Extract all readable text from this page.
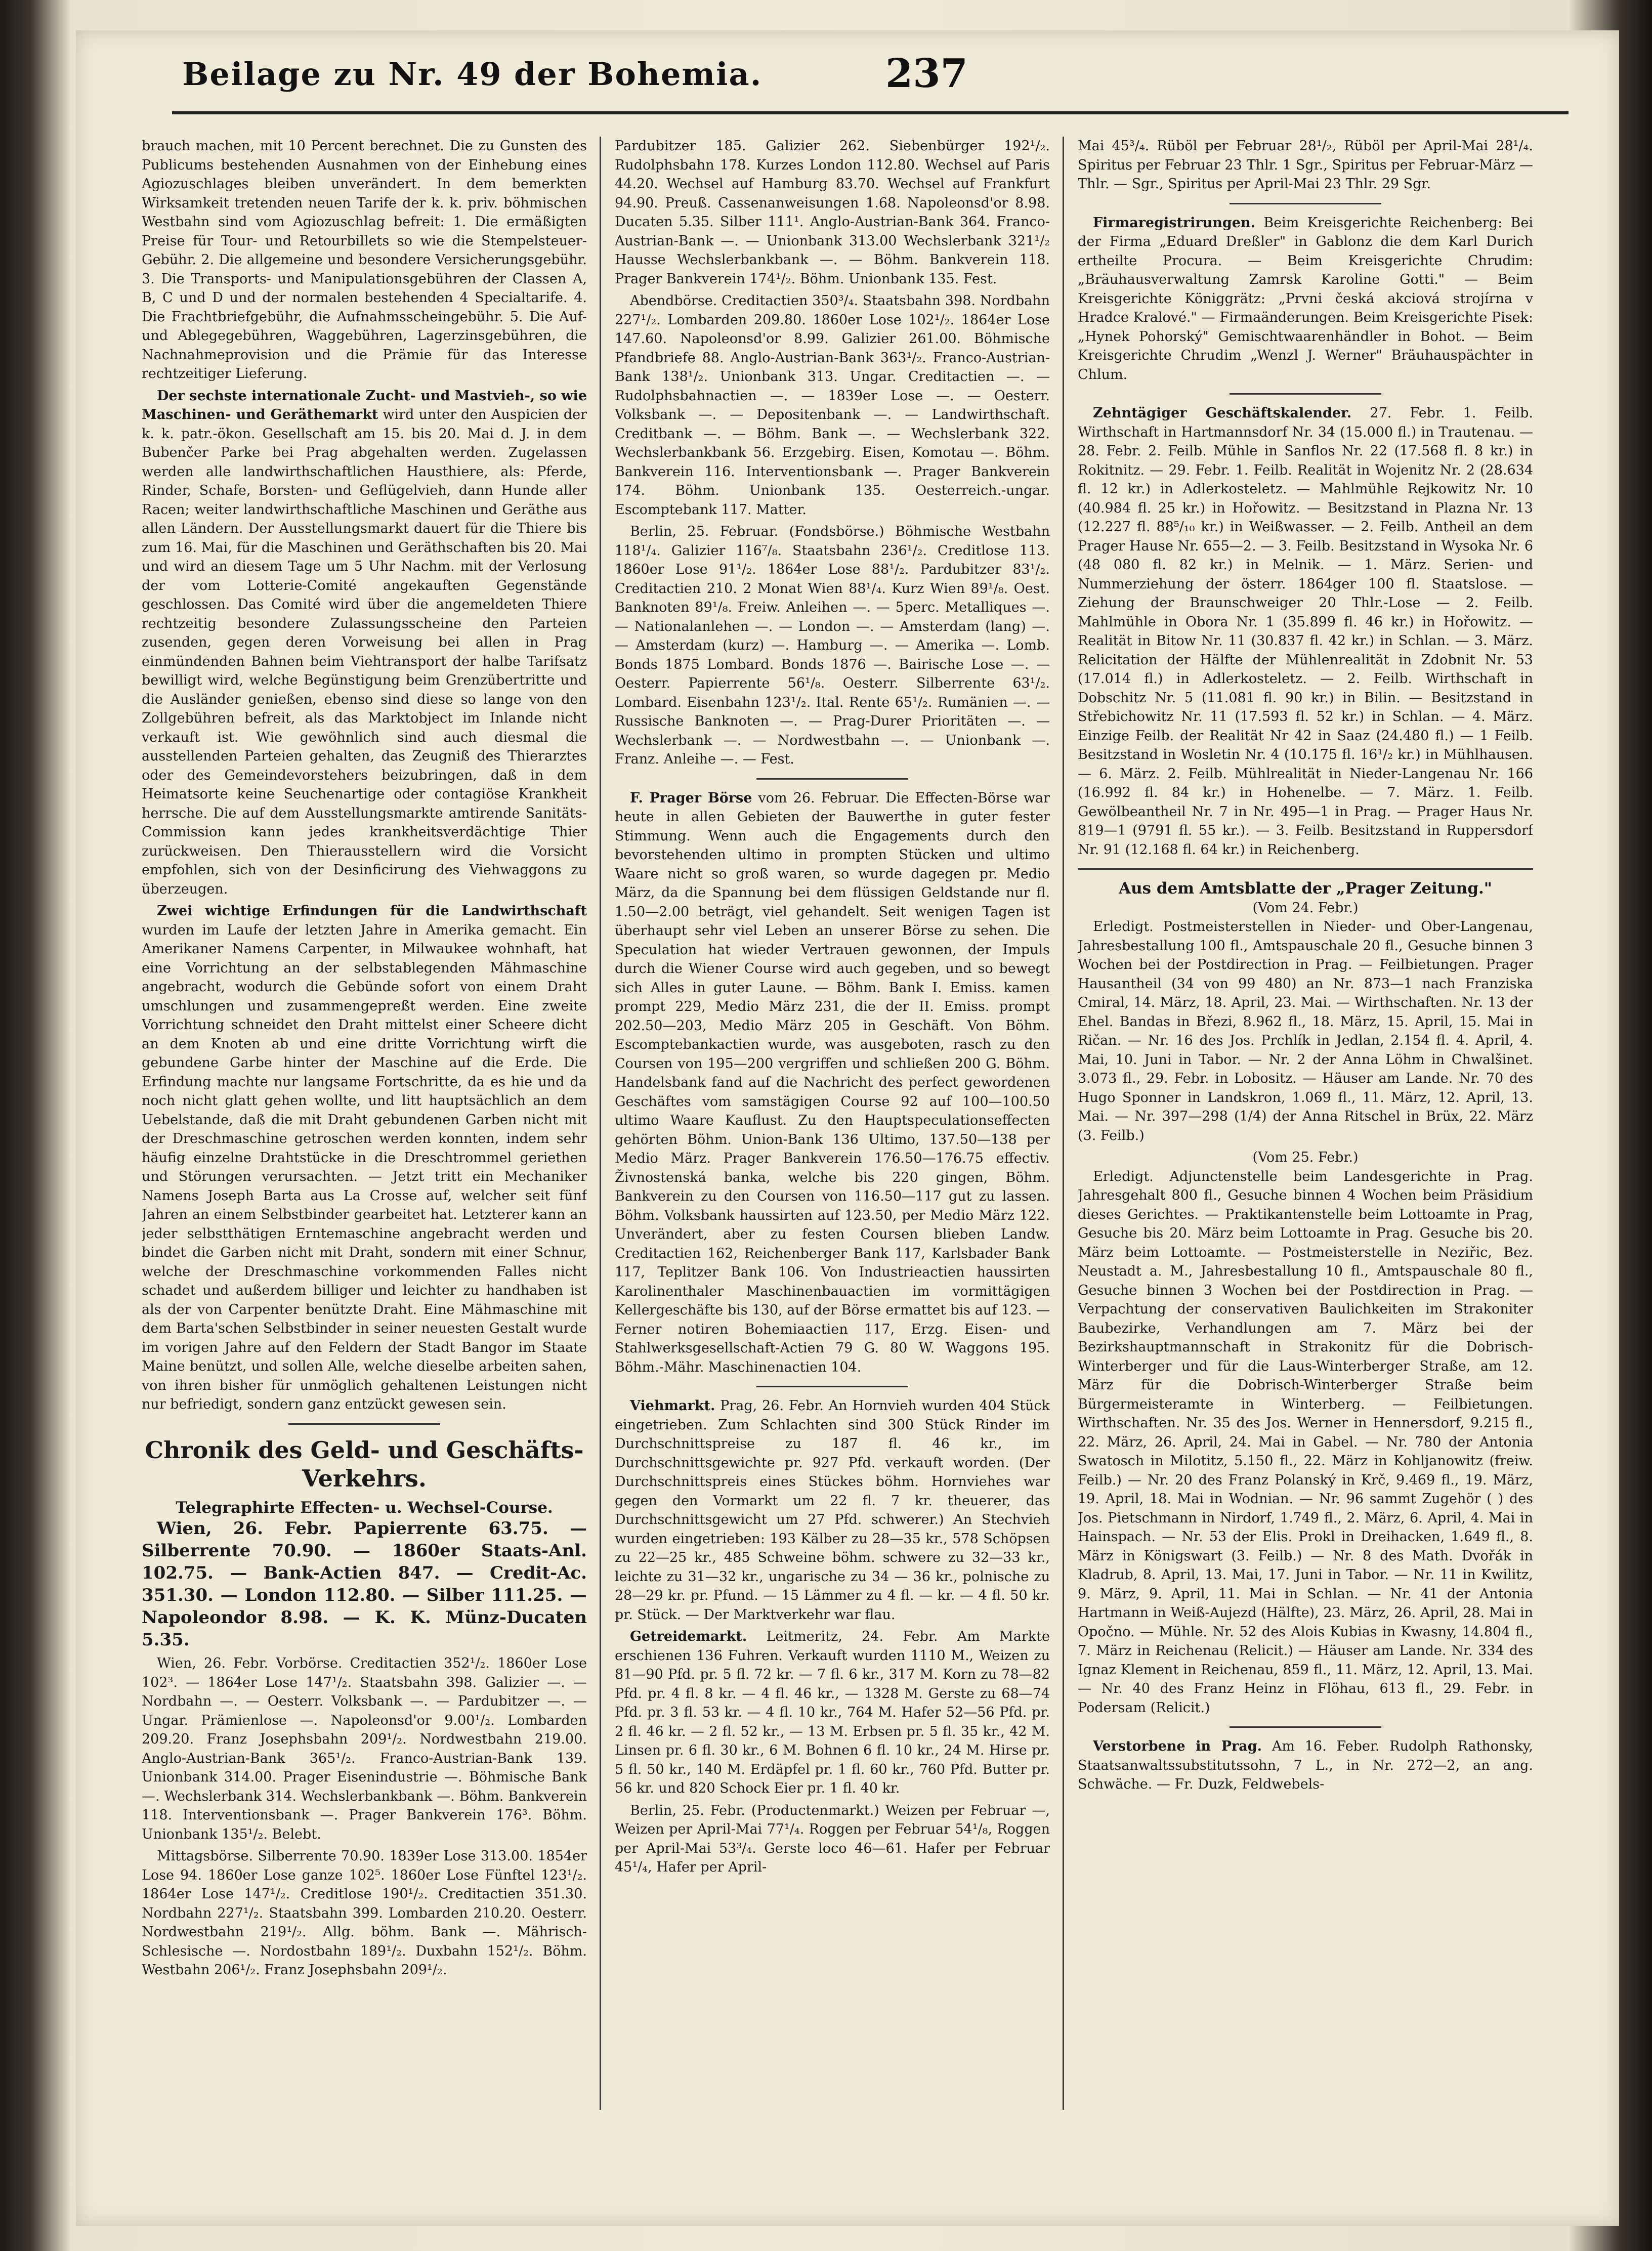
Beilage zu Nr. 49 der Bohemia.	237

brauch machen, mit 10 Percent berechnet. Die zu Gunsten des Publicums bestehenden Ausnahmen von der Einhebung eines Agiozuschlages bleiben unverändert. In dem bemerkten Wirksamkeit tretenden neuen Tarife der k. k. priv. böhmischen Westbahn sind vom Agiozuschlag befreit: 1. Die ermäßigten Preise für Tour- und Retourbillets so wie die Stempelsteuer-Gebühr. 2. Die allgemeine und besondere Versicherungsgebühr. 3. Die Transports- und Manipulationsgebühren der Classen A, B, C und D und der normalen bestehenden 4 Specialtarife. 4. Die Frachtbriefgebühr, die Aufnahmsscheingebühr. 5. Die Auf- und Ablegegebühren, Waggebühren, Lagerzinsgebühren, die Nachnahmeprovision und die Prämie für das Interesse rechtzeitiger Lieferung.

Der sechste internationale Zucht- und Mastvieh-, so wie Maschinen- und Geräthemarkt wird unter den Auspicien der k. k. patr.-ökon. Gesellschaft am 15. bis 20. Mai d. J. in dem Bubenčer Parke bei Prag abgehalten werden. Zugelassen werden alle landwirthschaftlichen Hausthiere, als: Pferde, Rinder, Schafe, Borsten- und Geflügelvieh, dann Hunde aller Racen; weiter landwirthschaftliche Maschinen und Geräthe aus allen Ländern. Der Ausstellungsmarkt dauert für die Thiere bis zum 16. Mai, für die Maschinen und Geräthschaften bis 20. Mai und wird an diesem Tage um 5 Uhr Nachm. mit der Verlosung der vom Lotterie-Comité angekauften Gegenstände geschlossen. Das Comité wird über die angemeldeten Thiere rechtzeitig besondere Zulassungsscheine den Parteien zusenden, gegen deren Vorweisung bei allen in Prag einmündenden Bahnen beim Viehtransport der halbe Tarifsatz bewilligt wird, welche Begünstigung beim Grenzübertritte und die Ausländer genießen, ebenso sind diese so lange von den Zollgebühren befreit, als das Marktobject im Inlande nicht verkauft ist. Wie gewöhnlich sind auch diesmal die ausstellenden Parteien gehalten, das Zeugniß des Thierarztes oder des Gemeindevorstehers beizubringen, daß in dem Heimatsorte keine Seuchenartige oder contagiöse Krankheit herrsche. Die auf dem Ausstellungsmarkte amtirende Sanitäts-Commission kann jedes krankheitsverdächtige Thier zurückweisen. Den Thierausstellern wird die Vorsicht empfohlen, sich von der Desinficirung des Viehwaggons zu überzeugen.

Zwei wichtige Erfindungen für die Landwirthschaft wurden im Laufe der letzten Jahre in Amerika gemacht. Ein Amerikaner Namens Carpenter, in Milwaukee wohnhaft, hat eine Vorrichtung an der selbstablegenden Mähmaschine angebracht, wodurch die Gebünde sofort von einem Draht umschlungen und zusammengepreßt werden. Eine zweite Vorrichtung schneidet den Draht mittelst einer Scheere dicht an dem Knoten ab und eine dritte Vorrichtung wirft die gebundene Garbe hinter der Maschine auf die Erde. Die Erfindung machte nur langsame Fortschritte, da es hie und da noch nicht glatt gehen wollte, und litt hauptsächlich an dem Uebelstande, daß die mit Draht gebundenen Garben nicht mit der Dreschmaschine getroschen werden konnten, indem sehr häufig einzelne Drahtstücke in die Dreschtrommel geriethen und Störungen verursachten. — Jetzt tritt ein Mechaniker Namens Joseph Barta aus La Crosse auf, welcher seit fünf Jahren an einem Selbstbinder gearbeitet hat. Letzterer kann an jeder selbstthätigen Erntemaschine angebracht werden und bindet die Garben nicht mit Draht, sondern mit einer Schnur, welche der Dreschmaschine vorkommenden Falles nicht schadet und außerdem billiger und leichter zu handhaben ist als der von Carpenter benützte Draht. Eine Mähmaschine mit dem Barta'schen Selbstbinder in seiner neuesten Gestalt wurde im vorigen Jahre auf den Feldern der Stadt Bangor im Staate Maine benützt, und sollen Alle, welche dieselbe arbeiten sahen, von ihren bisher für unmöglich gehaltenen Leistungen nicht nur befriedigt, sondern ganz entzückt gewesen sein.

Chronik des Geld- und Geschäfts-Verkehrs.
Telegraphirte Effecten- u. Wechsel-Course.

Wien, 26. Febr. Papierrente 63.75. — Silberrente 70.90. — 1860er Staats-Anl. 102.75. — Bank-Actien 847. — Credit-Ac. 351.30. — London 112.80. — Silber 111.25. — Napoleondor 8.98. — K. K. Münz-Ducaten 5.35.

Wien, 26. Febr. Vorbörse. Creditactien 352¹/₂. 1860er Lose 102³. — 1864er Lose 147¹/₂. Staatsbahn 398. Galizier —. — Nordbahn —. — Oesterr. Volksbank —. — Pardubitzer —. — Ungar. Prämienlose —. Napoleonsd'or 9.00¹/₂. Lombarden 209.20. Franz Josephsbahn 209¹/₂. Nordwestbahn 219.00. Anglo-Austrian-Bank 365¹/₂. Franco-Austrian-Bank 139. Unionbank 314.00. Prager Eisenindustrie —. Böhmische Bank —. Wechslerbank 314. Wechslerbankbank —. Böhm. Bankverein 118. Interventionsbank —. Prager Bankverein 176³. Böhm. Unionbank 135¹/₂. Belebt.

Mittagsbörse. Silberrente 70.90. 1839er Lose 313.00. 1854er Lose 94. 1860er Lose ganze 102⁵. 1860er Lose Fünftel 123¹/₂. 1864er Lose 147¹/₂. Creditlose 190¹/₂. Creditactien 351.30. Nordbahn 227¹/₂. Staatsbahn 399. Lombarden 210.20. Oesterr. Nordwestbahn 219¹/₂. Allg. böhm. Bank —. Mährisch-Schlesische —. Nordostbahn 189¹/₂. Duxbahn 152¹/₂. Böhm. Westbahn 206¹/₂. Franz Josephsbahn 209¹/₂.

Pardubitzer 185. Galizier 262. Siebenbürger 192¹/₂. Rudolphsbahn 178. Kurzes London 112.80. Wechsel auf Paris 44.20. Wechsel auf Hamburg 83.70. Wechsel auf Frankfurt 94.90. Preuß. Cassenanweisungen 1.68. Napoleonsd'or 8.98. Ducaten 5.35. Silber 111¹. Anglo-Austrian-Bank 364. Franco-Austrian-Bank —. — Unionbank 313.00 Wechslerbank 321¹/₂ Hausse Wechslerbankbank —. — Böhm. Bankverein 118. Prager Bankverein 174¹/₂. Böhm. Unionbank 135. Fest.

Abendbörse. Creditactien 350³/₄. Staatsbahn 398. Nordbahn 227¹/₂. Lombarden 209.80. 1860er Lose 102¹/₂. 1864er Lose 147.60. Napoleonsd'or 8.99. Galizier 261.00. Böhmische Pfandbriefe 88. Anglo-Austrian-Bank 363¹/₂. Franco-Austrian-Bank 138¹/₂. Unionbank 313. Ungar. Creditactien —. — Rudolphsbahnactien —. — 1839er Lose —. — Oesterr. Volksbank —. — Depositenbank —. — Landwirthschaft. Creditbank —. — Böhm. Bank —. — Wechslerbank 322. Wechslerbankbank 56. Erzgebirg. Eisen, Komotau —. Böhm. Bankverein 116. Interventionsbank —. Prager Bankverein 174. Böhm. Unionbank 135. Oesterreich.-ungar. Escomptebank 117. Matter.

Berlin, 25. Februar. (Fondsbörse.) Böhmische Westbahn 118¹/₄. Galizier 116⁷/₈. Staatsbahn 236¹/₂. Creditlose 113. 1860er Lose 91¹/₂. 1864er Lose 88¹/₂. Pardubitzer 83¹/₂. Creditactien 210. 2 Monat Wien 88¹/₄. Kurz Wien 89¹/₈. Oest. Banknoten 89¹/₈. Freiw. Anleihen —. — 5perc. Metalliques —. — Nationalanlehen —. — London —. — Amsterdam (lang) —. — Amsterdam (kurz) —. Hamburg —. — Amerika —. Lomb. Bonds 1875 Lombard. Bonds 1876 —. Bairische Lose —. — Oesterr. Papierrente 56¹/₈. Oesterr. Silberrente 63¹/₂. Lombard. Eisenbahn 123¹/₂. Ital. Rente 65¹/₂. Rumänien —. — Russische Banknoten —. — Prag-Durer Prioritäten —. — Wechslerbank —. — Nordwestbahn —. — Unionbank —. Franz. Anleihe —. — Fest.

F. Prager Börse vom 26. Februar. Die Effecten-Börse war heute in allen Gebieten der Bauwerthe in guter fester Stimmung. Wenn auch die Engagements durch den bevorstehenden ultimo in prompten Stücken und ultimo Waare nicht so groß waren, so wurde dagegen pr. Medio März, da die Spannung bei dem flüssigen Geldstande nur fl. 1.50—2.00 beträgt, viel gehandelt. Seit wenigen Tagen ist überhaupt sehr viel Leben an unserer Börse zu sehen. Die Speculation hat wieder Vertrauen gewonnen, der Impuls durch die Wiener Course wird auch gegeben, und so bewegt sich Alles in guter Laune. — Böhm. Bank I. Emiss. kamen prompt 229, Medio März 231, die der II. Emiss. prompt 202.50—203, Medio März 205 in Geschäft. Von Böhm. Escomptebankactien wurde, was ausgeboten, rasch zu den Coursen von 195—200 vergriffen und schließen 200 G. Böhm. Handelsbank fand auf die Nachricht des perfect gewordenen Geschäftes vom samstägigen Course 92 auf 100—100.50 ultimo Waare Kauflust. Zu den Hauptspeculationseffecten gehörten Böhm. Union-Bank 136 Ultimo, 137.50—138 per Medio März. Prager Bankverein 176.50—176.75 effectiv. Živnostenská banka, welche bis 220 gingen, Böhm. Bankverein zu den Coursen von 116.50—117 gut zu lassen. Böhm. Volksbank haussirten auf 123.50, per Medio März 122. Unverändert, aber zu festen Coursen blieben Landw. Creditactien 162, Reichenberger Bank 117, Karlsbader Bank 117, Teplitzer Bank 106. Von Industrieactien haussirten Karolinenthaler Maschinenbauactien im vormittägigen Kellergeschäfte bis 130, auf der Börse ermattet bis auf 123. — Ferner notiren Bohemiaactien 117, Erzg. Eisen- und Stahlwerksgesellschaft-Actien 79 G. 80 W. Waggons 195. Böhm.-Mähr. Maschinenactien 104.

Viehmarkt. Prag, 26. Febr. An Hornvieh wurden 404 Stück eingetrieben. Zum Schlachten sind 300 Stück Rinder im Durchschnittspreise zu 187 fl. 46 kr., im Durchschnittsgewichte pr. 927 Pfd. verkauft worden. (Der Durchschnittspreis eines Stückes böhm. Hornviehes war gegen den Vormarkt um 22 fl. 7 kr. theuerer, das Durchschnittsgewicht um 27 Pfd. schwerer.) An Stechvieh wurden eingetrieben: 193 Kälber zu 28—35 kr., 578 Schöpsen zu 22—25 kr., 485 Schweine böhm. schwere zu 32—33 kr., leichte zu 31—32 kr., ungarische zu 34 — 36 kr., polnische zu 28—29 kr. pr. Pfund. — 15 Lämmer zu 4 fl. — kr. — 4 fl. 50 kr. pr. Stück. — Der Marktverkehr war flau.

Getreidemarkt. Leitmeritz, 24. Febr. Am Markte erschienen 136 Fuhren. Verkauft wurden 1110 M., Weizen zu 81—90 Pfd. pr. 5 fl. 72 kr. — 7 fl. 6 kr., 317 M. Korn zu 78—82 Pfd. pr. 4 fl. 8 kr. — 4 fl. 46 kr., — 1328 M. Gerste zu 68—74 Pfd. pr. 3 fl. 53 kr. — 4 fl. 10 kr., 764 M. Hafer 52—56 Pfd. pr. 2 fl. 46 kr. — 2 fl. 52 kr., — 13 M. Erbsen pr. 5 fl. 35 kr., 42 M. Linsen pr. 6 fl. 30 kr., 6 M. Bohnen 6 fl. 10 kr., 24 M. Hirse pr. 5 fl. 50 kr., 140 M. Erdäpfel pr. 1 fl. 60 kr., 760 Pfd. Butter pr. 56 kr. und 820 Schock Eier pr. 1 fl. 40 kr.

Berlin, 25. Febr. (Productenmarkt.) Weizen per Februar —, Weizen per April-Mai 77¹/₄. Roggen per Februar 54¹/₈, Roggen per April-Mai 53³/₄. Gerste loco 46—61. Hafer per Februar 45¹/₄, Hafer per April-

Mai 45³/₄. Rüböl per Februar 28¹/₂, Rüböl per April-Mai 28¹/₄. Spiritus per Februar 23 Thlr. 1 Sgr., Spiritus per Februar-März — Thlr. — Sgr., Spiritus per April-Mai 23 Thlr. 29 Sgr.

Firmaregistrirungen. Beim Kreisgerichte Reichenberg: Bei der Firma „Eduard Dreßler" in Gablonz die dem Karl Durich ertheilte Procura. — Beim Kreisgerichte Chrudim: „Bräuhausverwaltung Zamrsk Karoline Gotti." — Beim Kreisgerichte Königgrätz: „Prvni česká akciová strojírna v Hradce Kralové." — Firmaänderungen. Beim Kreisgerichte Pisek: „Hynek Pohorský" Gemischtwaarenhändler in Bohot. — Beim Kreisgerichte Chrudim „Wenzl J. Werner" Bräuhauspächter in Chlum.

Zehntägiger Geschäftskalender. 27. Febr. 1. Feilb. Wirthschaft in Hartmannsdorf Nr. 34 (15.000 fl.) in Trautenau. — 28. Febr. 2. Feilb. Mühle in Sanflos Nr. 22 (17.568 fl. 8 kr.) in Rokitnitz. — 29. Febr. 1. Feilb. Realität in Wojenitz Nr. 2 (28.634 fl. 12 kr.) in Adlerkosteletz. — Mahlmühle Rejkowitz Nr. 10 (40.984 fl. 25 kr.) in Hořowitz. — Besitzstand in Plazna Nr. 13 (12.227 fl. 88⁵/₁₀ kr.) in Weißwasser. — 2. Feilb. Antheil an dem Prager Hause Nr. 655—2. — 3. Feilb. Besitzstand in Wysoka Nr. 6 (48 080 fl. 82 kr.) in Melnik. — 1. März. Serien- und Nummerziehung der österr. 1864ger 100 fl. Staatslose. — Ziehung der Braunschweiger 20 Thlr.-Lose — 2. Feilb. Mahlmühle in Obora Nr. 1 (35.899 fl. 46 kr.) in Hořowitz. — Realität in Bitow Nr. 11 (30.837 fl. 42 kr.) in Schlan. — 3. März. Relicitation der Hälfte der Mühlenrealität in Zdobnit Nr. 53 (17.014 fl.) in Adlerkosteletz. — 2. Feilb. Wirthschaft in Dobschitz Nr. 5 (11.081 fl. 90 kr.) in Bilin. — Besitzstand in Střebichowitz Nr. 11 (17.593 fl. 52 kr.) in Schlan. — 4. März. Einzige Feilb. der Realität Nr 42 in Saaz (24.480 fl.) — 1 Feilb. Besitzstand in Wosletin Nr. 4 (10.175 fl. 16¹/₂ kr.) in Mühlhausen. — 6. März. 2. Feilb. Mühlrealität in Nieder-Langenau Nr. 166 (16.992 fl. 84 kr.) in Hohenelbe. — 7. März. 1. Feilb. Gewölbeantheil Nr. 7 in Nr. 495—1 in Prag. — Prager Haus Nr. 819—1 (9791 fl. 55 kr.). — 3. Feilb. Besitzstand in Ruppersdorf Nr. 91 (12.168 fl. 64 kr.) in Reichenberg.

Aus dem Amtsblatte der „Prager Zeitung."
(Vom 24. Febr.)

Erledigt. Postmeisterstellen in Nieder- und Ober-Langenau, Jahresbestallung 100 fl., Amtspauschale 20 fl., Gesuche binnen 3 Wochen bei der Postdirection in Prag. — Feilbietungen. Prager Hausantheil (34 von 99 480) an Nr. 873—1 nach Franziska Cmiral, 14. März, 18. April, 23. Mai. — Wirthschaften. Nr. 13 der Ehel. Bandas in Březi, 8.962 fl., 18. März, 15. April, 15. Mai in Ričan. — Nr. 16 des Jos. Prchlík in Jedlan, 2.154 fl. 4. April, 4. Mai, 10. Juni in Tabor. — Nr. 2 der Anna Löhm in Chwalšinet. 3.073 fl., 29. Febr. in Lobositz. — Häuser am Lande. Nr. 70 des Hugo Sponner in Landskron, 1.069 fl., 11. März, 12. April, 13. Mai. — Nr. 397—298 (1/4) der Anna Ritschel in Brüx, 22. März (3. Feilb.)

(Vom 25. Febr.)

Erledigt. Adjunctenstelle beim Landesgerichte in Prag. Jahresgehalt 800 fl., Gesuche binnen 4 Wochen beim Präsidium dieses Gerichtes. — Praktikantenstelle beim Lottoamte in Prag, Gesuche bis 20. März beim Lottoamte in Prag. Gesuche bis 20. März beim Lottoamte. — Postmeisterstelle in Neziřic, Bez. Neustadt a. M., Jahresbestallung 10 fl., Amtspauschale 80 fl., Gesuche binnen 3 Wochen bei der Postdirection in Prag. — Verpachtung der conservativen Baulichkeiten im Strakoniter Baubezirke, Verhandlungen am 7. März bei der Bezirkshauptmannschaft in Strakonitz für die Dobrisch-Winterberger und für die Laus-Winterberger Straße, am 12. März für die Dobrisch-Winterberger Straße beim Bürgermeisteramte in Winterberg. — Feilbietungen. Wirthschaften. Nr. 35 des Jos. Werner in Hennersdorf, 9.215 fl., 22. März, 26. April, 24. Mai in Gabel. — Nr. 780 der Antonia Swatosch in Milotitz, 5.150 fl., 22. März in Kohljanowitz (freiw. Feilb.) — Nr. 20 des Franz Polanský in Krč, 9.469 fl., 19. März, 19. April, 18. Mai in Wodnian. — Nr. 96 sammt Zugehör ( ) des Jos. Pietschmann in Nirdorf, 1.749 fl., 2. März, 6. April, 4. Mai in Hainspach. — Nr. 53 der Elis. Prokl in Dreihacken, 1.649 fl., 8. März in Königswart (3. Feilb.) — Nr. 8 des Math. Dvořák in Kladrub, 8. April, 13. Mai, 17. Juni in Tabor. — Nr. 11 in Kwilitz, 9. März, 9. April, 11. Mai in Schlan. — Nr. 41 der Antonia Hartmann in Weiß-Aujezd (Hälfte), 23. März, 26. April, 28. Mai in Opočno. — Mühle. Nr. 52 des Alois Kubias in Kwasny, 14.804 fl., 7. März in Reichenau (Relicit.) — Häuser am Lande. Nr. 334 des Ignaz Klement in Reichenau, 859 fl., 11. März, 12. April, 13. Mai. — Nr. 40 des Franz Heinz in Flöhau, 613 fl., 29. Febr. in Podersam (Relicit.)

Verstorbene in Prag. Am 16. Feber. Rudolph Rathonsky, Staatsanwaltssubstitutssohn, 7 L., in Nr. 272—2, an ang. Schwäche. — Fr. Duzk, Feldwebels-
